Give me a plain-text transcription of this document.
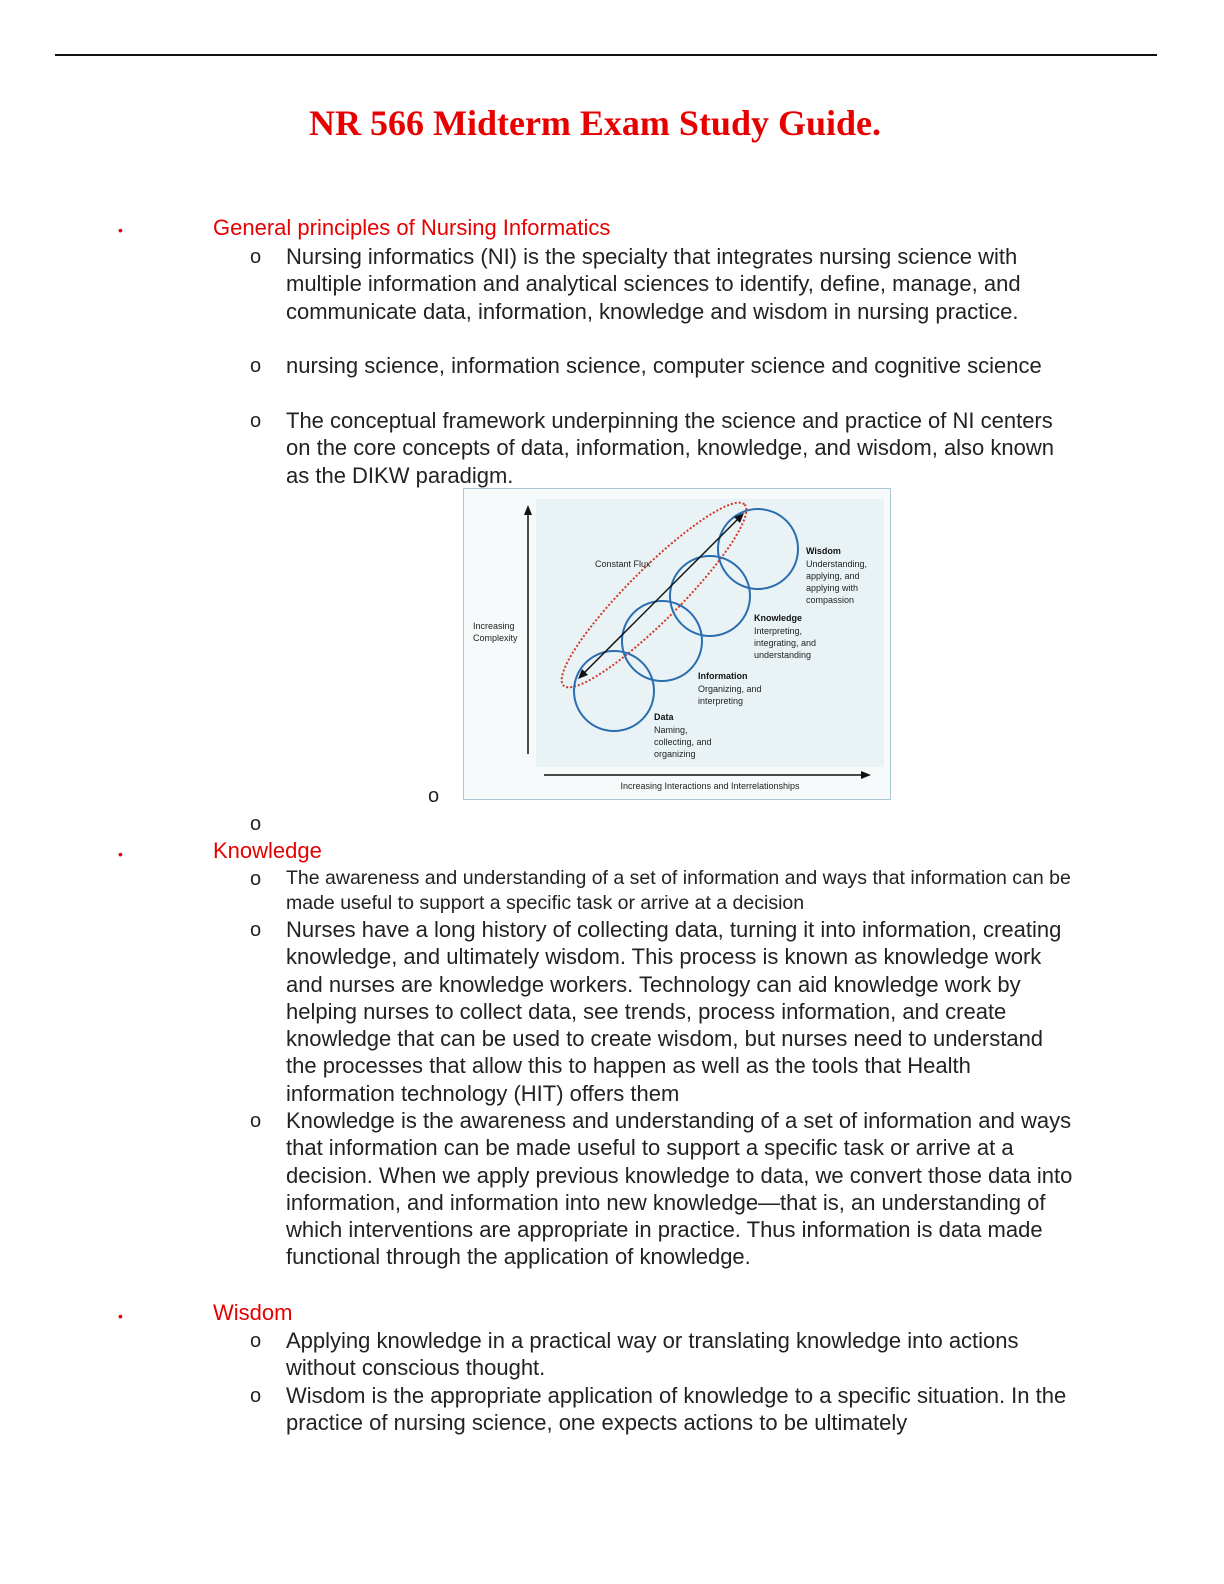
NR 566 Midterm Exam Study Guide.
•	General principles of Nursing Informatics
o Nursing informatics (NI) is the specialty that integrates nursing science with multiple information and analytical sciences to identify, define, manage, and communicate data, information, knowledge and wisdom in nursing practice.
o nursing science, information science, computer science and cognitive science
o The conceptual framework underpinning the science and practice of NI centers on the core concepts of data, information, knowledge, and wisdom, also known as the DIKW paradigm.
o
Increasing Complexity
Increasing Interactions and Interrelationships
Constant Flux
Wisdom
Understanding, applying, and applying with compassion
Knowledge
Interpreting, integrating, and understanding
Information
Organizing, and interpreting
Data
Naming, collecting, and organizing
o
•	Knowledge
o The awareness and understanding of a set of information and ways that information can be made useful to support a specific task or arrive at a decision
o Nurses have a long history of collecting data, turning it into information, creating knowledge, and ultimately wisdom. This process is known as knowledge work and nurses are knowledge workers. Technology can aid knowledge work by helping nurses to collect data, see trends, process information, and create knowledge that can be used to create wisdom, but nurses need to understand the processes that allow this to happen as well as the tools that Health information technology (HIT) offers them
o Knowledge is the awareness and understanding of a set of information and ways that information can be made useful to support a specific task or arrive at a decision. When we apply previous knowledge to data, we convert those data into information, and information into new knowledge—that is, an understanding of which interventions are appropriate in practice. Thus information is data made functional through the application of knowledge.
•	Wisdom
o Applying knowledge in a practical way or translating knowledge into actions without conscious thought.
o Wisdom is the appropriate application of knowledge to a specific situation. In the practice of nursing science, one expects actions to be ultimately
